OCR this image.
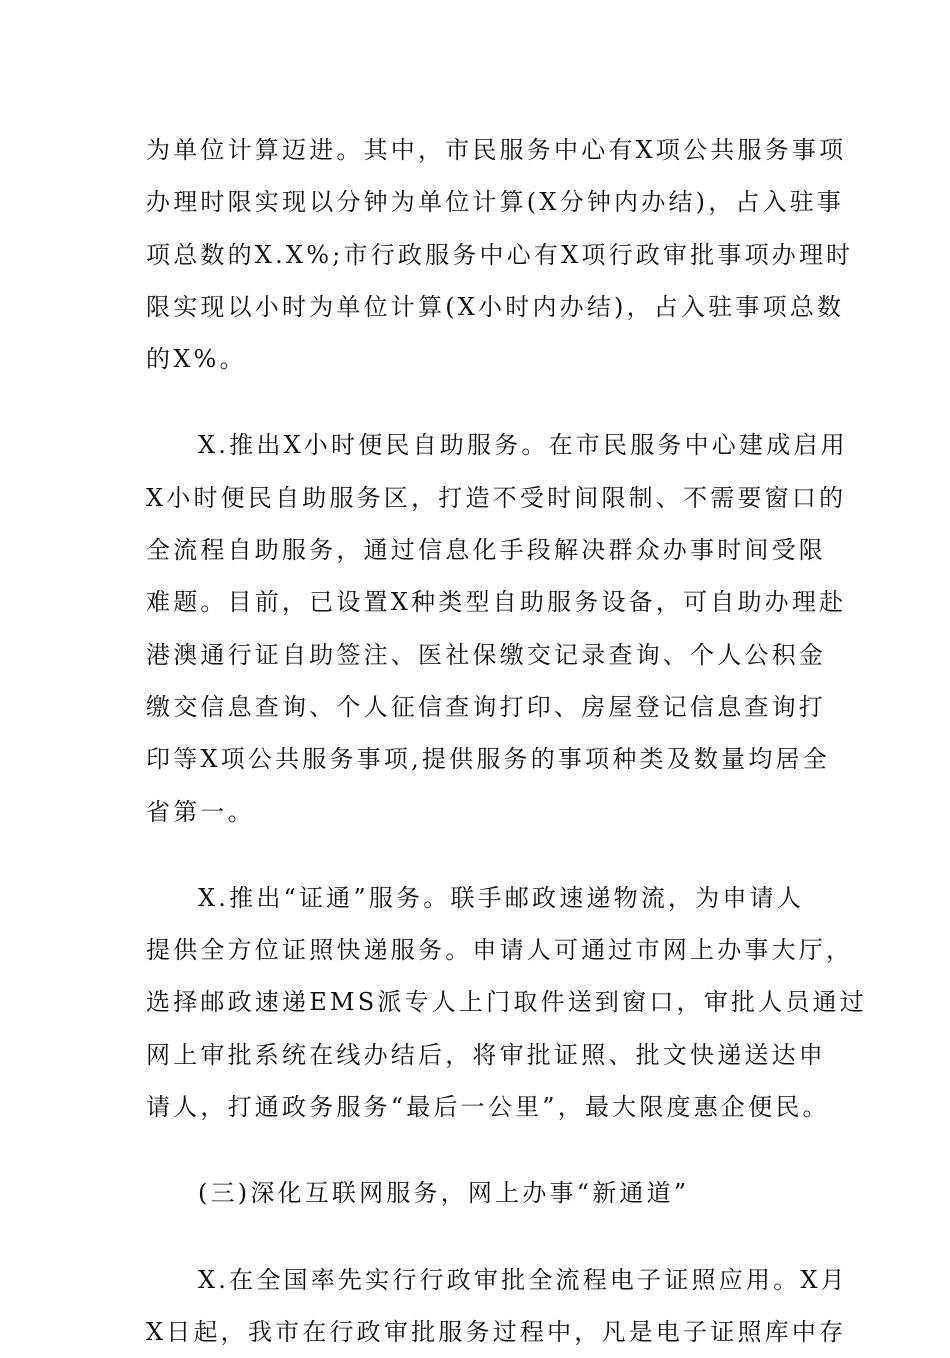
为单位计算迈进。其中，市民服务中心有X项公共服务事项
办理时限实现以分钟为单位计算(X分钟内办结)，占入驻事
项总数的X.X%;市行政服务中心有X项行政审批事项办理时
限实现以小时为单位计算(X小时内办结)，占入驻事项总数
的X%。
X.推出X小时便民自助服务。在市民服务中心建成启用
X小时便民自助服务区，打造不受时间限制、不需要窗口的
全流程自助服务，通过信息化手段解决群众办事时间受限
难题。目前，已设置X种类型自助服务设备，可自助办理赴
港澳通行证自助签注、医社保缴交记录查询、个人公积金
缴交信息查询、个人征信查询打印、房屋登记信息查询打
印等X项公共服务事项,提供服务的事项种类及数量均居全
省第一。
X.推出“证通”服务。联手邮政速递物流，为申请人
提供全方位证照快递服务。申请人可通过市网上办事大厅，
选择邮政速递EMS派专人上门取件送到窗口，审批人员通过
网上审批系统在线办结后，将审批证照、批文快递送达申
请人，打通政务服务“最后一公里”，最大限度惠企便民。
(三)深化互联网服务，网上办事“新通道”
X.在全国率先实行行政审批全流程电子证照应用。X月
X日起，我市在行政审批服务过程中，凡是电子证照库中存
